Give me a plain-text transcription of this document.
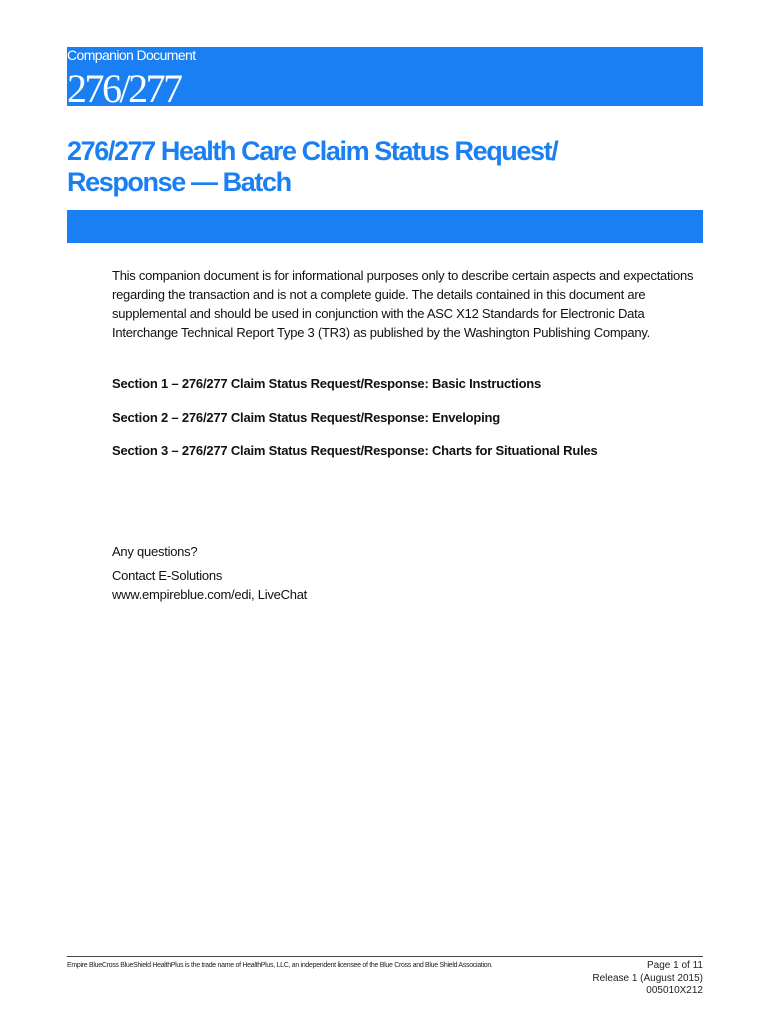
Companion Document
276/277
276/277 Health Care Claim Status Request/
Response — Batch

This companion document is for informational purposes only to describe certain aspects and expectations
regarding the transaction and is not a complete guide. The details contained in this document are
supplemental and should be used in conjunction with the ASC X12 Standards for Electronic Data
Interchange Technical Report Type 3 (TR3) as published by the Washington Publishing Company.

Section 1 – 276/277 Claim Status Request/Response: Basic Instructions
Section 2 – 276/277 Claim Status Request/Response: Enveloping
Section 3 – 276/277 Claim Status Request/Response: Charts for Situational Rules
Any questions?
Contact E-Solutions
www.empireblue.com/edi, LiveChat
Empire BlueCross BlueShield HealthPlus is the trade name of HealthPlus, LLC, an independent licensee of the Blue Cross and Blue Shield Association.	Page 1 of 11
Release 1 (August 2015)
005010X212
